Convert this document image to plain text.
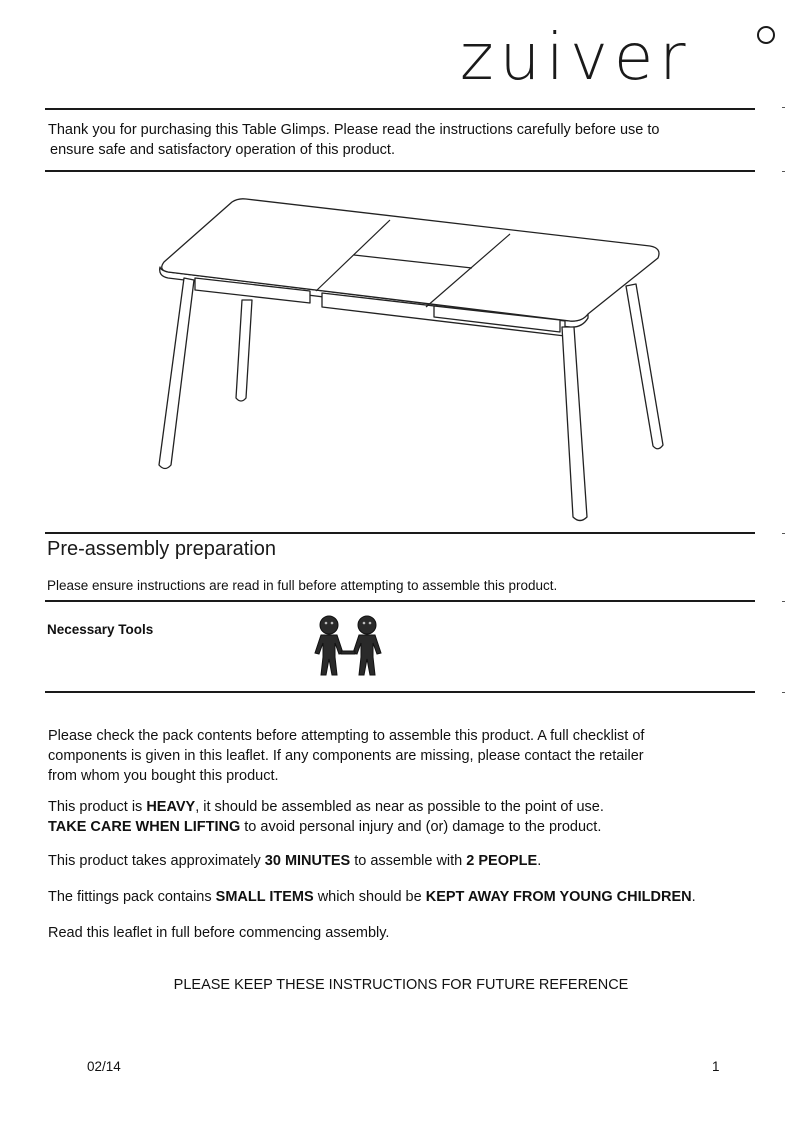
zuiver
Thank you for purchasing this Table Glimps. Please read the instructions carefully before use to
ensure safe and satisfactory operation of this product.
Pre-assembly preparation
Please ensure instructions are read in full before attempting to assemble this product.
Necessary Tools
Please check the pack contents before attempting to assemble this product. A full checklist of
components is given in this leaflet. If any components are missing, please contact the retailer
from whom you bought this product.
This product is HEAVY, it should be assembled as near as possible to the point of use.
TAKE CARE WHEN LIFTING to avoid personal injury and (or) damage to the product.
This product takes approximately 30 MINUTES to assemble with 2 PEOPLE.
The fittings pack contains SMALL ITEMS which should be KEPT AWAY FROM YOUNG CHILDREN.
Read this leaflet in full before commencing assembly.
PLEASE KEEP THESE INSTRUCTIONS FOR FUTURE REFERENCE
02/14	1
